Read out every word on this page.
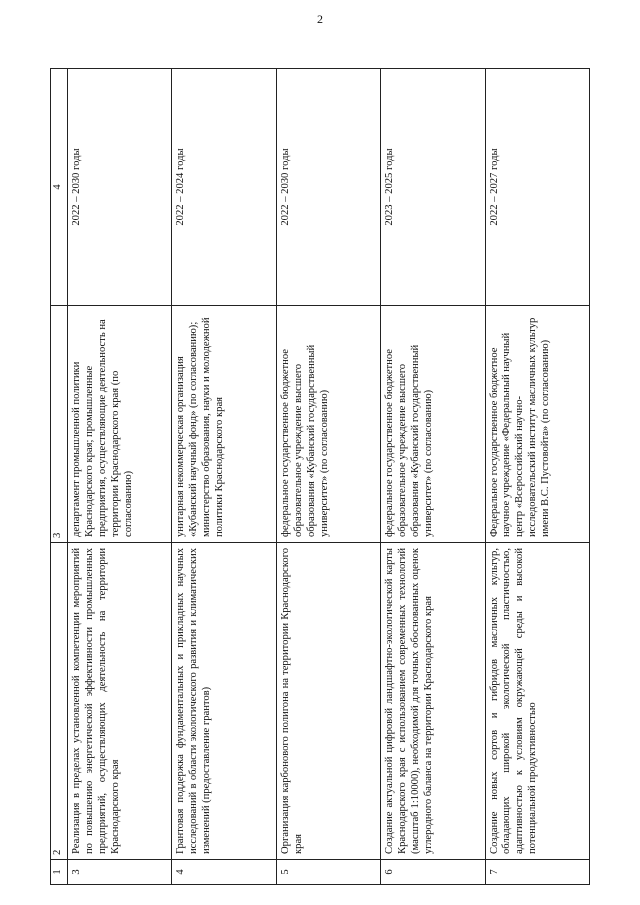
2
1	2	3	4
3	Реализация в пределах установленной компетенции мероприятий по повышению энергетической эффективности промышленных предприятий, осуществляющих деятельность на территории Краснодарского края	департамент промышленной политики Краснодарского края; промышленные предприятия, осуществляющие деятельность на территории Краснодарского края (по согласованию)	2022 – 2030 годы
4	Грантовая поддержка фундаментальных и прикладных научных исследований в области экологического развития и климатических изменений (предоставление грантов)	унитарная некоммерческая организация «Кубанский научный фонд» (по согласованию); министерство образования, науки и молодежной политики Краснодарского края	2022 – 2024 годы
5	Организация карбонового полигона на территории Краснодарского края	федеральное государственное бюджетное образовательное учреждение высшего образования «Кубанский государственный университет» (по согласованию)	2022 – 2030 годы
6	Создание актуальной цифровой ландшафтно-экологической карты Краснодарского края с использованием современных технологий (масштаб 1:10000), необходимой для точных обоснованных оценок углеродного баланса на территории Краснодарского края	федеральное государственное бюджетное образовательное учреждение высшего образования «Кубанский государственный университет» (по согласованию)	2023 – 2025 годы
7	Создание новых сортов и гибридов масличных культур, обладающих широкой экологической пластичностью, адаптивностью к условиям окружающей среды и высокой потенциальной продуктивностью	Федеральное государственное бюджетное научное учреждение «Федеральный научный центр «Всероссийский научно-исследовательский институт масличных культур имени В.С. Пустовойта» (по согласованию)	2022 – 2027 годы
